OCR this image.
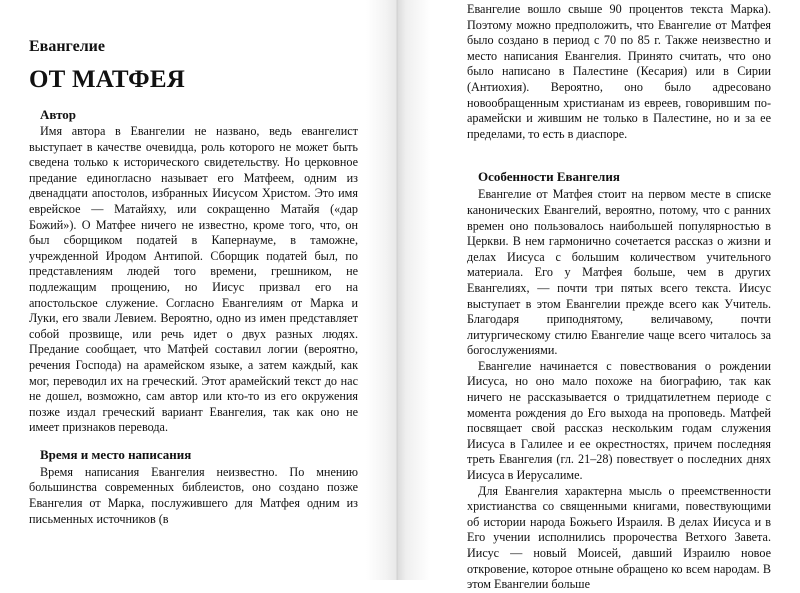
Евангелие
ОТ МАТФЕЯ
Автор

Имя автора в Евангелии не названо, ведь евангелист выступает в качестве очевидца, роль которого не может быть сведена только к исторического свидетельству. Но церковное предание единогласно называет его Матфеем, одним из двенадцати апостолов, избранных Иисусом Христом. Это имя еврейское — Матайяху, или сокращенно Матайя («дар Божий»). О Матфее ничего не известно, кроме того, что, он был сборщиком податей в Капернауме, в таможне, учрежденной Иродом Антипой. Сборщик податей был, по представлениям людей того времени, грешником, не подлежащим прощению, но Иисус призвал его на апостольское служение. Согласно Евангелиям от Марка и Луки, его звали Левием. Вероятно, одно из имен представляет собой прозвище, или речь идет о двух разных людях. Предание сообщает, что Матфей составил логии (вероятно, речения Господа) на арамейском языке, а затем каждый, как мог, переводил их на греческий. Этот арамейский текст до нас не дошел, возможно, сам автор или кто-то из его окружения позже издал греческий вариант Евангелия, так как оно не имеет признаков перевода.

Время и место написания

Время написания Евангелия неизвестно. По мнению большинства современных библеистов, оно создано позже Евангелия от Марка, послужившего для Матфея одним из письменных источников (в

Евангелие вошло свыше 90 процентов текста Марка). Поэтому можно предположить, что Евангелие от Матфея было создано в период с 70 по 85 г. Также неизвестно и место написания Евангелия. Принято считать, что оно было написано в Палестине (Кесария) или в Сирии (Антиохия). Вероятно, оно было адресовано новообращенным христианам из евреев, говорившим по-арамейски и жившим не только в Палестине, но и за ее пределами, то есть в диаспоре.

Особенности Евангелия

Евангелие от Матфея стоит на первом месте в списке канонических Евангелий, вероятно, потому, что с ранних времен оно пользовалось наибольшей популярностью в Церкви. В нем гармонично сочетается рассказ о жизни и делах Иисуса с большим количеством учительного материала. Его у Матфея больше, чем в других Евангелиях, — почти три пятых всего текста. Иисус выступает в этом Евангелии прежде всего как Учитель. Благодаря приподнятому, величавому, почти литургическому стилю Евангелие чаще всего читалось за богослужениями.

Евангелие начинается с повествования о рождении Иисуса, но оно мало похоже на биографию, так как ничего не рассказывается о тридцатилетнем периоде с момента рождения до Его выхода на проповедь. Матфей посвящает свой рассказ нескольким годам служения Иисуса в Галилее и ее окрестностях, причем последняя треть Евангелия (гл. 21–28) повествует о последних днях Иисуса в Иерусалиме.

Для Евангелия характерна мысль о преемственности христианства со священными книгами, повествующими об истории народа Божьего Израиля. В делах Иисуса и в Его учении исполнились пророчества Ветхого Завета. Иисус — новый Моисей, давший Израилю новое откровение, которое отныне обращено ко всем народам. В этом Евангелии больше
